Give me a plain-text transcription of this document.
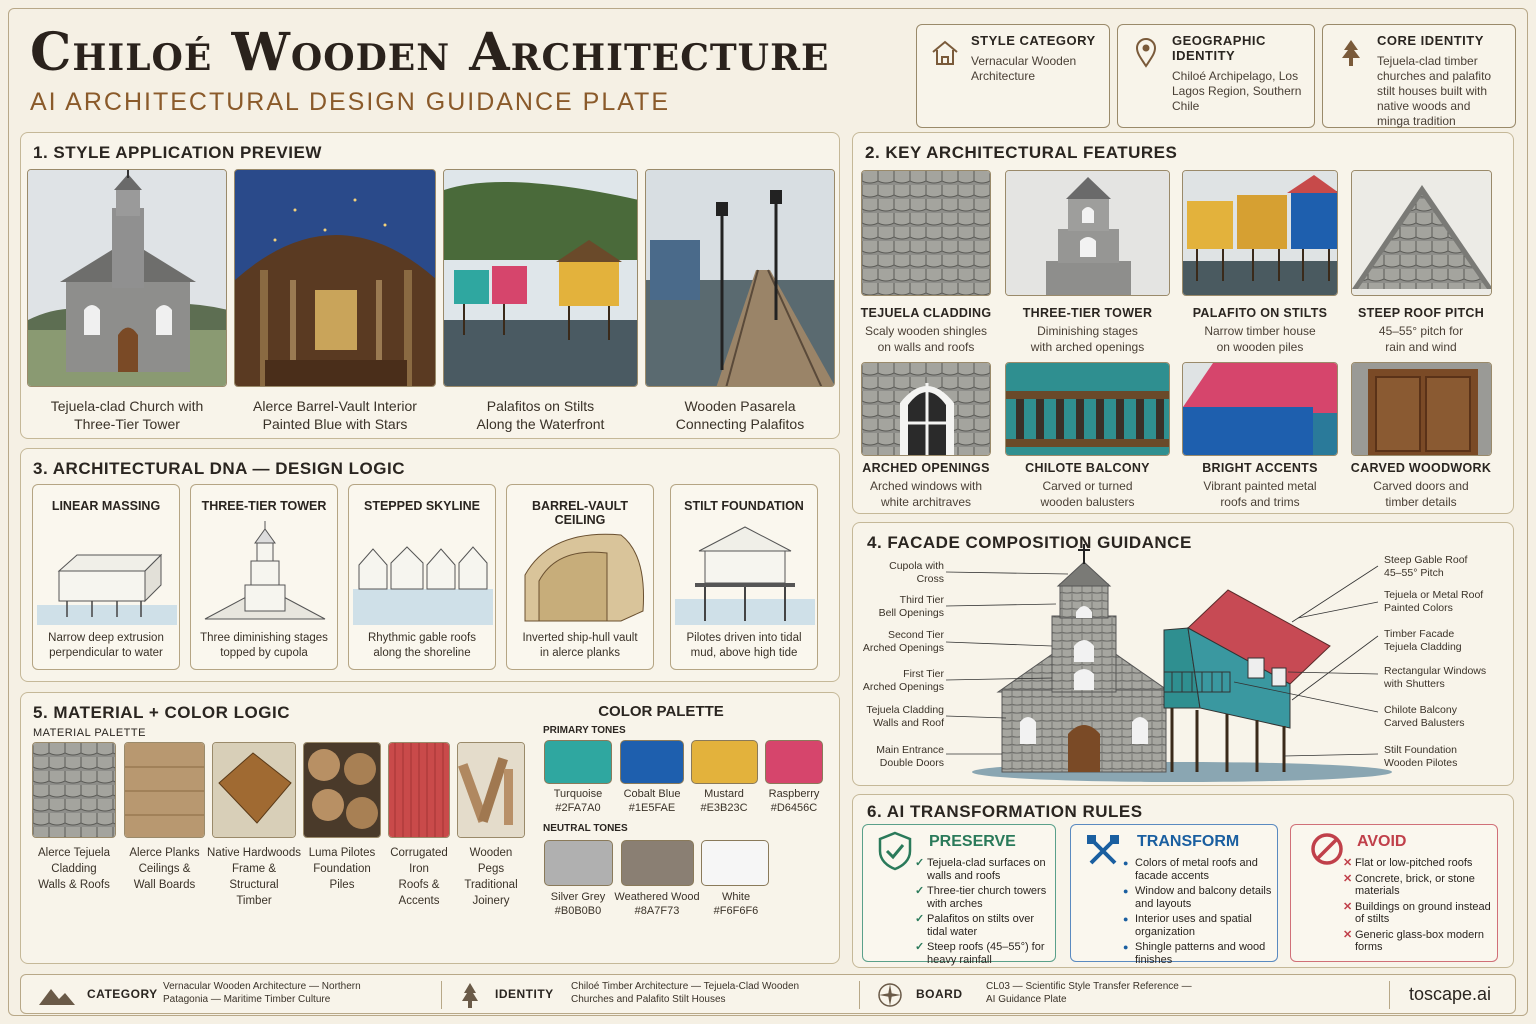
Chiloé Wooden Architecture
AI ARCHITECTURAL DESIGN GUIDANCE PLATE
STYLE CATEGORY
Vernacular Wooden Architecture
GEOGRAPHIC IDENTITY
Chiloé Archipelago, Los Lagos Region, Southern Chile
CORE IDENTITY
Tejuela-clad timber churches and palafito stilt houses built with native woods and minga tradition
1. STYLE APPLICATION PREVIEW
Tejuela-clad Church with
Three-Tier Tower
Alerce Barrel-Vault Interior
Painted Blue with Stars
Palafitos on Stilts
Along the Waterfront
Wooden Pasarela
Connecting Palafitos
2. KEY ARCHITECTURAL FEATURES
TEJUELA CLADDING
Scaly wooden shingles
on walls and roofs
THREE-TIER TOWER
Diminishing stages
with arched openings
PALAFITO ON STILTS
Narrow timber house
on wooden piles
STEEP ROOF PITCH
45–55° pitch for
rain and wind
ARCHED OPENINGS
Arched windows with
white architraves
CHILOTE BALCONY
Carved or turned
wooden balusters
BRIGHT ACCENTS
Vibrant painted metal
roofs and trims
CARVED WOODWORK
Carved doors and
timber details
3. ARCHITECTURAL DNA — DESIGN LOGIC
LINEAR MASSING
Narrow deep extrusion
perpendicular to water
THREE-TIER TOWER
Three diminishing stages
topped by cupola
STEPPED SKYLINE
Rhythmic gable roofs
along the shoreline
BARREL-VAULT CEILING
Inverted ship-hull vault
in alerce planks
STILT FOUNDATION
Pilotes driven into tidal
mud, above high tide
4. FACADE COMPOSITION GUIDANCE
Cupola with
Cross
Third Tier
Bell Openings
Second Tier
Arched Openings
First Tier
Arched Openings
Tejuela Cladding
Walls and Roof
Main Entrance
Double Doors
Steep Gable Roof
45–55° Pitch
Tejuela or Metal Roof
Painted Colors
Timber Facade
Tejuela Cladding
Rectangular Windows
with Shutters
Chilote Balcony
Carved Balusters
Stilt Foundation
Wooden Pilotes
5. MATERIAL + COLOR LOGIC
MATERIAL PALETTE
COLOR PALETTE
PRIMARY TONES
NEUTRAL TONES
Alerce Tejuela
Cladding
Walls & Roofs
Alerce Planks
Ceilings &
Wall Boards
Native Hardwoods
Frame & Structural
Timber
Luma Pilotes
Foundation
Piles
Corrugated Iron
Roofs &
Accents
Wooden Pegs
Traditional
Joinery
Turquoise
#2FA7A0
Cobalt Blue
#1E5FAE
Mustard
#E3B23C
Raspberry
#D6456C
Silver Grey
#B0B0B0
Weathered Wood
#8A7F73
White
#F6F6F6
6. AI TRANSFORMATION RULES
PRESERVE
✓ Tejuela-clad surfaces on walls and roofs
✓ Three-tier church towers with arches
✓ Palafitos on stilts over tidal water
✓ Steep roofs (45–55°) for heavy rainfall
TRANSFORM
● Colors of metal roofs and facade accents
● Window and balcony details and layouts
● Interior uses and spatial organization
● Shingle patterns and wood finishes
AVOID
✕ Flat or low-pitched roofs
✕ Concrete, brick, or stone materials
✕ Buildings on ground instead of stilts
✕ Generic glass-box modern forms
CATEGORY
Vernacular Wooden Architecture — Northern Patagonia — Maritime Timber Culture	IDENTITY
Chiloé Timber Architecture — Tejuela-Clad Wooden Churches and Palafito Stilt Houses	BOARD
CL03 — Scientific Style Transfer Reference — AI Guidance Plate	toscape.ai
